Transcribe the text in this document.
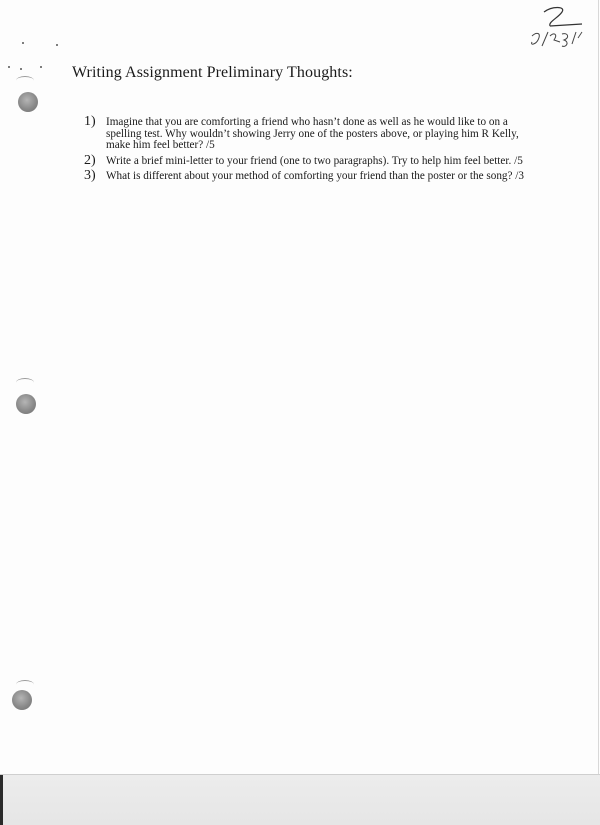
Writing Assignment Preliminary Thoughts:
1) Imagine that you are comforting a friend who hasn’t done as well as he would like to on a spelling test. Why wouldn’t showing Jerry one of the posters above, or playing him R Kelly, make him feel better? /5
2) Write a brief mini-letter to your friend (one to two paragraphs). Try to help him feel better. /5
3) What is different about your method of comforting your friend than the poster or the song? /3
